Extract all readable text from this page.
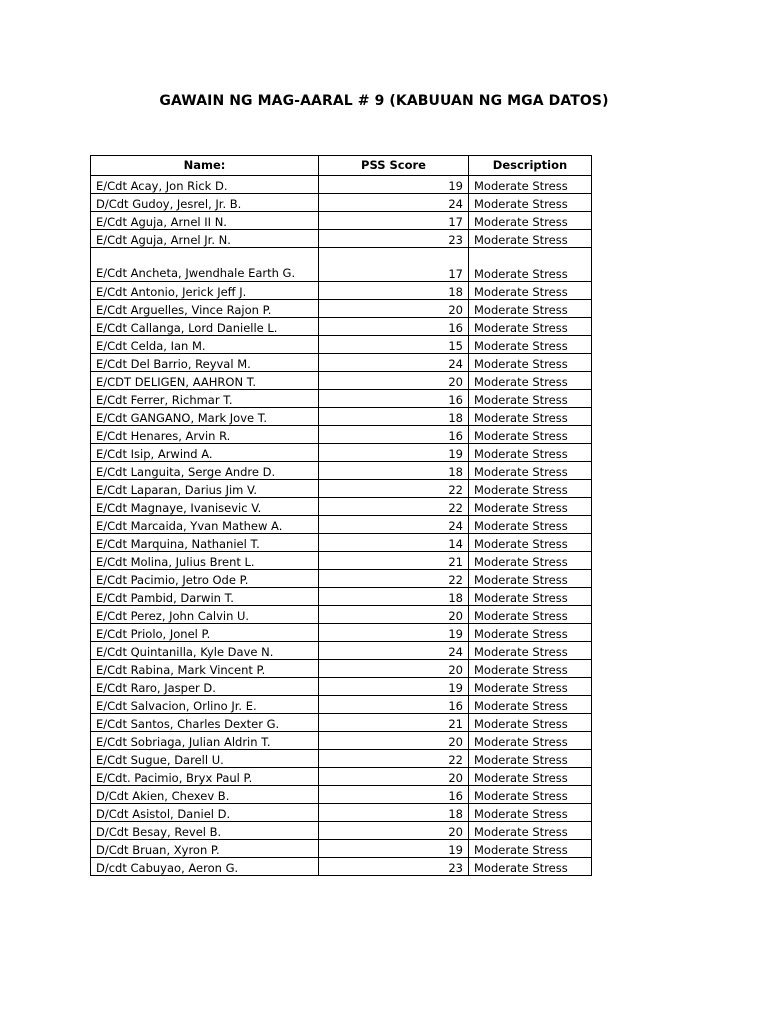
GAWAIN NG MAG-AARAL # 9 (KABUUAN NG MGA DATOS)
Name:	PSS Score	Description
E/Cdt Acay, Jon Rick D.	19	Moderate Stress
D/Cdt Gudoy, Jesrel, Jr. B.	24	Moderate Stress
E/Cdt Aguja, Arnel II N.	17	Moderate Stress
E/Cdt Aguja, Arnel Jr. N.	23	Moderate Stress
E/Cdt Ancheta, Jwendhale Earth G.	17	Moderate Stress
E/Cdt Antonio, Jerick Jeff J.	18	Moderate Stress
E/Cdt Arguelles, Vince Rajon P.	20	Moderate Stress
E/Cdt Callanga, Lord Danielle L.	16	Moderate Stress
E/Cdt Celda, Ian M.	15	Moderate Stress
E/Cdt Del Barrio, Reyval M.	24	Moderate Stress
E/CDT DELIGEN, AAHRON T.	20	Moderate Stress
E/Cdt Ferrer, Richmar T.	16	Moderate Stress
E/Cdt GANGANO, Mark Jove T.	18	Moderate Stress
E/Cdt Henares, Arvin R.	16	Moderate Stress
E/Cdt Isip, Arwind A.	19	Moderate Stress
E/Cdt Languita, Serge Andre D.	18	Moderate Stress
E/Cdt Laparan, Darius Jim V.	22	Moderate Stress
E/Cdt Magnaye, Ivanisevic V.	22	Moderate Stress
E/Cdt Marcaida, Yvan Mathew A.	24	Moderate Stress
E/Cdt Marquina, Nathaniel T.	14	Moderate Stress
E/Cdt Molina, Julius Brent L.	21	Moderate Stress
E/Cdt Pacimio, Jetro Ode P.	22	Moderate Stress
E/Cdt Pambid, Darwin T.	18	Moderate Stress
E/Cdt Perez, John Calvin U.	20	Moderate Stress
E/Cdt Priolo, Jonel P.	19	Moderate Stress
E/Cdt Quintanilla, Kyle Dave N.	24	Moderate Stress
E/Cdt Rabina, Mark Vincent P.	20	Moderate Stress
E/Cdt Raro, Jasper D.	19	Moderate Stress
E/Cdt Salvacion, Orlino Jr. E.	16	Moderate Stress
E/Cdt Santos, Charles Dexter G.	21	Moderate Stress
E/Cdt Sobriaga, Julian Aldrin T.	20	Moderate Stress
E/Cdt Sugue, Darell U.	22	Moderate Stress
E/Cdt. Pacimio, Bryx Paul P.	20	Moderate Stress
D/Cdt Akien, Chexev B.	16	Moderate Stress
D/Cdt Asistol, Daniel D.	18	Moderate Stress
D/Cdt Besay, Revel B.	20	Moderate Stress
D/Cdt Bruan, Xyron P.	19	Moderate Stress
D/cdt Cabuyao, Aeron G.	23	Moderate Stress
